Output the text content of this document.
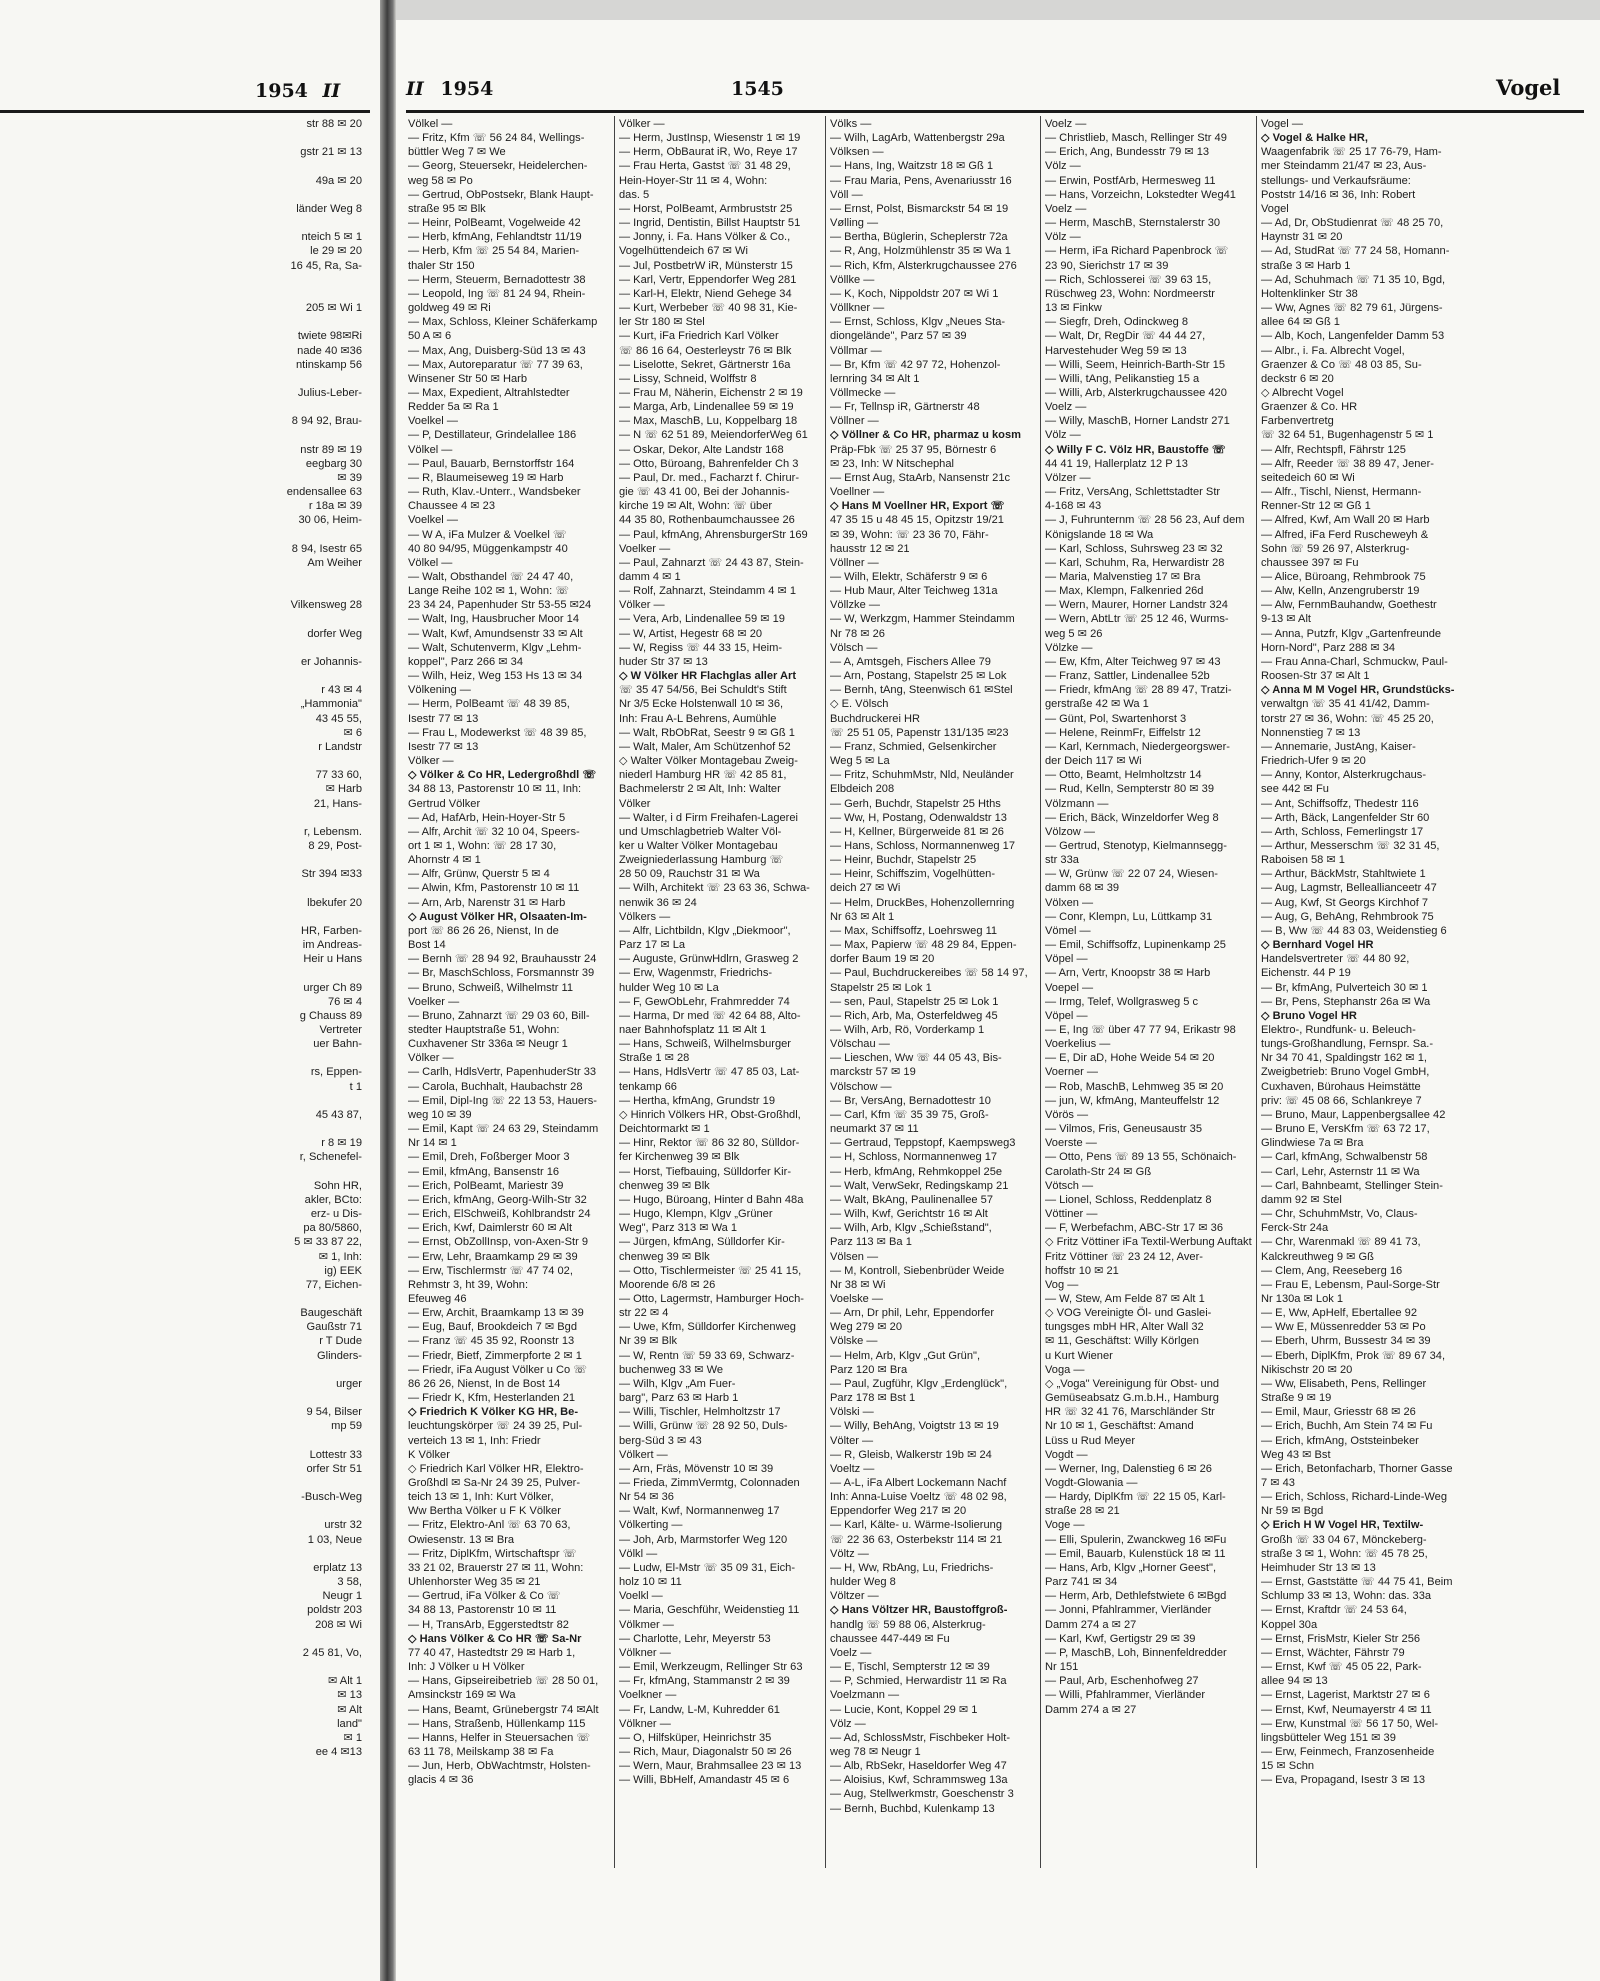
1954 II
str 88 ✉ 20

gstr 21 ✉ 13

49a ✉ 20

länder Weg 8

nteich 5 ✉ 1
le 29 ✉ 20
16 45, Ra, Sa-

205 ✉ Wi 1

twiete 98✉Ri
nade 40 ✉36
ntinskamp 56

Julius-Leber-

8 94 92, Brau-

nstr 89 ✉ 19
eegbarg 30
✉ 39
endensallee 63
r 18a ✉ 39
30 06, Heim-

8 94, Isestr 65
Am Weiher

Vilkensweg 28

dorfer Weg

er Johannis-

r 43 ✉ 4
„Hammonia"
43 45 55,
✉ 6
r Landstr

77 33 60,
✉ Harb
21, Hans-

r, Lebensm.
8 29, Post-

Str 394 ✉33

lbekufer 20

HR, Farben-
im Andreas-
Heir u Hans

urger Ch 89
76 ✉ 4
g Chauss 89
Vertreter
uer Bahn-

rs, Eppen-
t 1

45 43 87,

r 8 ✉ 19
r, Schenefel-

Sohn HR,
akler, BCto:
erz- u Dis-
pa 80/5860,
5 ✉ 33 87 22,
✉ 1, Inh:
ig) EEK
77, Eichen-

Baugeschäft
Gaußstr 71
r T Dude
Glinders-

urger

9 54, Bilser
mp 59

Lottestr 33
orfer Str 51

-Busch-Weg

urstr 32
1 03, Neue

erplatz 13
3 58,
Neugr 1
poldstr 203
208 ✉ Wi

2 45 81, Vo,

✉ Alt 1
✉ 13
✉ Alt
land"
✉ 1
ee 4 ✉13
II 1954	1545	Vogel
Völkel —
— Fritz, Kfm ☏ 56 24 84, Wellings-
büttler Weg 7 ✉ We
— Georg, Steuersekr, Heidelerchen-
weg 58 ✉ Po
— Gertrud, ObPostsekr, Blank Haupt-
straße 95 ✉ Blk
— Heinr, PolBeamt, Vogelweide 42
— Herb, kfmAng, Fehlandtstr 11/19
— Herb, Kfm ☏ 25 54 84, Marien-
thaler Str 150
— Herm, Steuerm, Bernadottestr 38
— Leopold, Ing ☏ 81 24 94, Rhein-
goldweg 49 ✉ Ri
— Max, Schloss, Kleiner Schäferkamp
50 A ✉ 6
— Max, Ang, Duisberg-Süd 13 ✉ 43
— Max, Autoreparatur ☏ 77 39 63,
Winsener Str 50 ✉ Harb
— Max, Expedient, Altrahlstedter
Redder 5a ✉ Ra 1
Voelkel —
— P, Destillateur, Grindelallee 186
Völkel —
— Paul, Bauarb, Bernstorffstr 164
— R, Blaumeiseweg 19 ✉ Harb
— Ruth, Klav.-Unterr., Wandsbeker
Chaussee 4 ✉ 23
Voelkel —
— W A, iFa Mulzer & Voelkel ☏
40 80 94/95, Müggenkampstr 40
Völkel —
— Walt, Obsthandel ☏ 24 47 40,
Lange Reihe 102 ✉ 1, Wohn: ☏
23 34 24, Papenhuder Str 53-55 ✉24
— Walt, Ing, Hausbrucher Moor 14
— Walt, Kwf, Amundsenstr 33 ✉ Alt
— Walt, Schutenverm, Klgv „Lehm-
koppel", Parz 266 ✉ 34
— Wilh, Heiz, Weg 153 Hs 13 ✉ 34
Völkening —
— Herm, PolBeamt ☏ 48 39 85,
Isestr 77 ✉ 13
— Frau L, Modewerkst ☏ 48 39 85,
Isestr 77 ✉ 13
Völker —
◇ Völker & Co HR, Ledergroßhdl ☏
34 88 13, Pastorenstr 10 ✉ 11, Inh:
Gertrud Völker
— Ad, HafArb, Hein-Hoyer-Str 5
— Alfr, Archit ☏ 32 10 04, Speers-
ort 1 ✉ 1, Wohn: ☏ 28 17 30,
Ahornstr 4 ✉ 1
— Alfr, Grünw, Querstr 5 ✉ 4
— Alwin, Kfm, Pastorenstr 10 ✉ 11
— Arn, Arb, Narenstr 31 ✉ Harb
◇ August Völker HR, Olsaaten-Im-
port ☏ 86 26 26, Nienst, In de
Bost 14
— Bernh ☏ 28 94 92, Brauhausstr 24
— Br, MaschSchloss, Forsmannstr 39
— Bruno, Schweiß, Wilhelmstr 11
Voelker —
— Bruno, Zahnarzt ☏ 29 03 60, Bill-
stedter Hauptstraße 51, Wohn:
Cuxhavener Str 336a ✉ Neugr 1
Völker —
— Carlh, HdlsVertr, PapenhuderStr 33
— Carola, Buchhalt, Haubachstr 28
— Emil, Dipl-Ing ☏ 22 13 53, Hauers-
weg 10 ✉ 39
— Emil, Kapt ☏ 24 63 29, Steindamm
Nr 14 ✉ 1
— Emil, Dreh, Foßberger Moor 3
— Emil, kfmAng, Bansenstr 16
— Erich, PolBeamt, Mariestr 39
— Erich, kfmAng, Georg-Wilh-Str 32
— Erich, ElSchweiß, Kohlbrandstr 24
— Erich, Kwf, Daimlerstr 60 ✉ Alt
— Ernst, ObZollInsp, von-Axen-Str 9
— Erw, Lehr, Braamkamp 29 ✉ 39
— Erw, Tischlermstr ☏ 47 74 02,
Rehmstr 3, ht 39, Wohn:
Efeuweg 46
— Erw, Archit, Braamkamp 13 ✉ 39
— Eug, Bauf, Brookdeich 7 ✉ Bgd
— Franz ☏ 45 35 92, Roonstr 13
— Friedr, Bietf, Zimmerpforte 2 ✉ 1
— Friedr, iFa August Völker u Co ☏
86 26 26, Nienst, In de Bost 14
— Friedr K, Kfm, Hesterlanden 21
◇ Friedrich K Völker KG HR, Be-
leuchtungskörper ☏ 24 39 25, Pul-
verteich 13 ✉ 1, Inh: Friedr
K Völker
◇ Friedrich Karl Völker HR, Elektro-
Großhdl ✉ Sa-Nr 24 39 25, Pulver-
teich 13 ✉ 1, Inh: Kurt Völker,
Ww Bertha Völker u F K Völker
— Fritz, Elektro-Anl ☏ 63 70 63,
Owiesenstr. 13 ✉ Bra
— Fritz, DiplKfm, Wirtschaftspr ☏
33 21 02, Brauerstr 27 ✉ 11, Wohn:
Uhlenhorster Weg 35 ✉ 21
— Gertrud, iFa Völker & Co ☏
34 88 13, Pastorenstr 10 ✉ 11
— H, TransArb, Eggerstedtstr 82
◇ Hans Völker & Co HR ☏ Sa-Nr
77 40 47, Hastedtstr 29 ✉ Harb 1,
Inh: J Völker u H Völker
— Hans, Gipseireibetrieb ☏ 28 50 01,
Amsinckstr 169 ✉ Wa
— Hans, Beamt, Grünebergstr 74 ✉Alt
— Hans, Straßenb, Hüllenkamp 115
— Hanns, Helfer in Steuersachen ☏
63 11 78, Meilskamp 38 ✉ Fa
— Jun, Herb, ObWachtmstr, Holsten-
glacis 4 ✉ 36
Völker —
— Herm, JustInsp, Wiesenstr 1 ✉ 19
— Herm, ObBaurat iR, Wo, Reye 17
— Frau Herta, Gastst ☏ 31 48 29,
Hein-Hoyer-Str 11 ✉ 4, Wohn:
das. 5
— Horst, PolBeamt, Armbruststr 25
— Ingrid, Dentistin, Billst Hauptstr 51
— Jonny, i. Fa. Hans Völker & Co.,
Vogelhüttendeich 67 ✉ Wi
— Jul, PostbetrW iR, Münsterstr 15
— Karl, Vertr, Eppendorfer Weg 281
— Karl-H, Elektr, Niend Gehege 34
— Kurt, Werbeber ☏ 40 98 31, Kie-
ler Str 180 ✉ Stel
— Kurt, iFa Friedrich Karl Völker
☏ 86 16 64, Oesterleystr 76 ✉ Blk
— Liselotte, Sekret, Gärtnerstr 16a
— Lissy, Schneid, Wolffstr 8
— Frau M, Näherin, Eichenstr 2 ✉ 19
— Marga, Arb, Lindenallee 59 ✉ 19
— Max, MaschB, Lu, Koppelbarg 18
— N ☏ 62 51 89, MeiendorferWeg 61
— Oskar, Dekor, Alte Landstr 168
— Otto, Büroang, Bahrenfelder Ch 3
— Paul, Dr. med., Facharzt f. Chirur-
gie ☏ 43 41 00, Bei der Johannis-
kirche 19 ✉ Alt, Wohn: ☏ über
44 35 80, Rothenbaumchaussee 26
— Paul, kfmAng, AhrensburgerStr 169
Voelker —
— Paul, Zahnarzt ☏ 24 43 87, Stein-
damm 4 ✉ 1
— Rolf, Zahnarzt, Steindamm 4 ✉ 1
Völker —
— Vera, Arb, Lindenallee 59 ✉ 19
— W, Artist, Hegestr 68 ✉ 20
— W, Regiss ☏ 44 33 15, Heim-
huder Str 37 ✉ 13
◇ W Völker HR Flachglas aller Art
☏ 35 47 54/56, Bei Schuldt's Stift
Nr 3/5 Ecke Holstenwall 10 ✉ 36,
Inh: Frau A-L Behrens, Aumühle
— Walt, RbObRat, Seestr 9 ✉ Gß 1
— Walt, Maler, Am Schützenhof 52
◇ Walter Völker Montagebau Zweig-
niederl Hamburg HR ☏ 42 85 81,
Bachmelerstr 2 ✉ Alt, Inh: Walter
Völker
— Walter, i d Firm Freihafen-Lagerei
und Umschlagbetrieb Walter Völ-
ker u Walter Völker Montagebau
Zweigniederlassung Hamburg ☏
28 50 09, Rauchstr 31 ✉ Wa
— Wilh, Architekt ☏ 23 63 36, Schwa-
nenwik 36 ✉ 24
Völkers —
— Alfr, Lichtbildn, Klgv „Diekmoor",
Parz 17 ✉ La
— Auguste, GrünwHdlrn, Grasweg 2
— Erw, Wagenmstr, Friedrichs-
hulder Weg 10 ✉ La
— F, GewObLehr, Frahmredder 74
— Harma, Dr med ☏ 42 64 88, Alto-
naer Bahnhofsplatz 11 ✉ Alt 1
— Hans, Schweiß, Wilhelmsburger
Straße 1 ✉ 28
— Hans, HdlsVertr ☏ 47 85 03, Lat-
tenkamp 66
— Hertha, kfmAng, Grundstr 19
◇ Hinrich Völkers HR, Obst-Großhdl,
Deichtormarkt ✉ 1
— Hinr, Rektor ☏ 86 32 80, Sülldor-
fer Kirchenweg 39 ✉ Blk
— Horst, Tiefbauing, Sülldorfer Kir-
chenweg 39 ✉ Blk
— Hugo, Büroang, Hinter d Bahn 48a
— Hugo, Klempn, Klgv „Grüner
Weg", Parz 313 ✉ Wa 1
— Jürgen, kfmAng, Sülldorfer Kir-
chenweg 39 ✉ Blk
— Otto, Tischlermeister ☏ 25 41 15,
Moorende 6/8 ✉ 26
— Otto, Lagermstr, Hamburger Hoch-
str 22 ✉ 4
— Uwe, Kfm, Sülldorfer Kirchenweg
Nr 39 ✉ Blk
— W, Rentn ☏ 59 33 69, Schwarz-
buchenweg 33 ✉ We
— Wilh, Klgv „Am Fuer-
barg", Parz 63 ✉ Harb 1
— Willi, Tischler, Helmholtzstr 17
— Willi, Grünw ☏ 28 92 50, Duls-
berg-Süd 3 ✉ 43
Völkert —
— Arn, Fräs, Mövenstr 10 ✉ 39
— Frieda, ZimmVermtg, Colonnaden
Nr 54 ✉ 36
— Walt, Kwf, Normannenweg 17
Völkerting —
— Joh, Arb, Marmstorfer Weg 120
Völkl —
— Ludw, El-Mstr ☏ 35 09 31, Eich-
holz 10 ✉ 11
Voelkl —
— Maria, Geschführ, Weidenstieg 11
Völkmer —
— Charlotte, Lehr, Meyerstr 53
Völkner —
— Emil, Werkzeugm, Rellinger Str 63
— Fr, kfmAng, Stammanstr 2 ✉ 39
Voelkner —
— Fr, Landw, L-M, Kuhredder 61
Völkner —
— O, Hilfsküper, Heinrichstr 35
— Rich, Maur, Diagonalstr 50 ✉ 26
— Wern, Maur, Brahmsallee 23 ✉ 13
— Willi, BbHelf, Amandastr 45 ✉ 6
Völks —
— Wilh, LagArb, Wattenbergstr 29a
Völksen —
— Hans, Ing, Waitzstr 18 ✉ Gß 1
— Frau Maria, Pens, Avenariusstr 16
Völl —
— Ernst, Polst, Bismarckstr 54 ✉ 19
Vølling —
— Bertha, Büglerin, Scheplerstr 72a
— R, Ang, Holzmühlenstr 35 ✉ Wa 1
— Rich, Kfm, Alsterkrugchaussee 276
Völlke —
— K, Koch, Nippoldstr 207 ✉ Wi 1
Völlkner —
— Ernst, Schloss, Klgv „Neues Sta-
diongelände", Parz 57 ✉ 39
Völlmar —
— Br, Kfm ☏ 42 97 72, Hohenzol-
lernring 34 ✉ Alt 1
Völlmecke —
— Fr, Tellnsp iR, Gärtnerstr 48
Völlner —
◇ Völlner & Co HR, pharmaz u kosm
Präp-Fbk ☏ 25 37 95, Börnestr 6
✉ 23, Inh: W Nitschephal
— Ernst Aug, StaArb, Nansenstr 21c
Voellner —
◇ Hans M Voellner HR, Export ☏
47 35 15 u 48 45 15, Opitzstr 19/21
✉ 39, Wohn: ☏ 23 36 70, Fähr-
hausstr 12 ✉ 21
Völlner —
— Wilh, Elektr, Schäferstr 9 ✉ 6
— Hub Maur, Alter Teichweg 131a
Völlzke —
— W, Werkzgm, Hammer Steindamm
Nr 78 ✉ 26
Völsch —
— A, Amtsgeh, Fischers Allee 79
— Arn, Postang, Stapelstr 25 ✉ Lok
— Bernh, tAng, Steenwisch 61 ✉Stel
◇ E. Völsch
Buchdruckerei HR
☏ 25 51 05, Papenstr 131/135 ✉23
— Franz, Schmied, Gelsenkircher
Weg 5 ✉ La
— Fritz, SchuhmMstr, Nld, Neuländer
Elbdeich 208
— Gerh, Buchdr, Stapelstr 25 Hths
— Ww, H, Postang, Odenwaldstr 13
— H, Kellner, Bürgerweide 81 ✉ 26
— Hans, Schloss, Normannenweg 17
— Heinr, Buchdr, Stapelstr 25
— Heinr, Schiffszim, Vogelhütten-
deich 27 ✉ Wi
— Helm, DruckBes, Hohenzollernring
Nr 63 ✉ Alt 1
— Max, Schiffsoffz, Loehrsweg 11
— Max, Papierw ☏ 48 29 84, Eppen-
dorfer Baum 19 ✉ 20
— Paul, Buchdruckereibes ☏ 58 14 97,
Stapelstr 25 ✉ Lok 1
— sen, Paul, Stapelstr 25 ✉ Lok 1
— Rich, Arb, Ma, Osterfeldweg 45
— Wilh, Arb, Rö, Vorderkamp 1
Völschau —
— Lieschen, Ww ☏ 44 05 43, Bis-
marckstr 57 ✉ 19
Völschow —
— Br, VersAng, Bernadottestr 10
— Carl, Kfm ☏ 35 39 75, Groß-
neumarkt 37 ✉ 11
— Gertraud, Teppstopf, Kaempsweg3
— H, Schloss, Normannenweg 17
— Herb, kfmAng, Rehmkoppel 25e
— Walt, VerwSekr, Redingskamp 21
— Walt, BkAng, Paulinenallee 57
— Wilh, Kwf, Gerichtstr 16 ✉ Alt
— Wilh, Arb, Klgv „Schießstand",
Parz 113 ✉ Ba 1
Völsen —
— M, Kontroll, Siebenbrüder Weide
Nr 38 ✉ Wi
Voelske —
— Arn, Dr phil, Lehr, Eppendorfer
Weg 279 ✉ 20
Völske —
— Helm, Arb, Klgv „Gut Grün",
Parz 120 ✉ Bra
— Paul, Zugführ, Klgv „Erdenglück",
Parz 178 ✉ Bst 1
Völski —
— Willy, BehAng, Voigtstr 13 ✉ 19
Völter —
— R, Gleisb, Walkerstr 19b ✉ 24
Voeltz —
— A-L, iFa Albert Lockemann Nachf
Inh: Anna-Luise Voeltz ☏ 48 02 98,
Eppendorfer Weg 217 ✉ 20
— Karl, Kälte- u. Wärme-Isolierung
☏ 22 36 63, Osterbekstr 114 ✉ 21
Völtz —
— H, Ww, RbAng, Lu, Friedrichs-
hulder Weg 8
Völtzer —
◇ Hans Völtzer HR, Baustoffgroß-
handlg ☏ 59 88 06, Alsterkrug-
chaussee 447-449 ✉ Fu
Voelz —
— E, Tischl, Sempterstr 12 ✉ 39
— P, Schmied, Herwardistr 11 ✉ Ra
Voelzmann —
— Lucie, Kont, Koppel 29 ✉ 1
Völz —
— Ad, SchlossMstr, Fischbeker Holt-
weg 78 ✉ Neugr 1
— Alb, RbSekr, Haseldorfer Weg 47
— Aloisius, Kwf, Schrammsweg 13a
— Aug, Stellwerkmstr, Goeschenstr 3
— Bernh, Buchbd, Kulenkamp 13
Voelz —
— Christlieb, Masch, Rellinger Str 49
— Erich, Ang, Bundesstr 79 ✉ 13
Völz —
— Erwin, PostfArb, Hermesweg 11
— Hans, Vorzeichn, Lokstedter Weg41
Voelz —
— Herm, MaschB, Sternstalerstr 30
Völz —
— Herm, iFa Richard Papenbrock ☏
23 90, Sierichstr 17 ✉ 39
— Rich, Schlosserei ☏ 39 63 15,
Rüschweg 23, Wohn: Nordmeerstr
13 ✉ Finkw
— Siegfr, Dreh, Odinckweg 8
— Walt, Dr, RegDir ☏ 44 44 27,
Harvestehuder Weg 59 ✉ 13
— Willi, Seem, Heinrich-Barth-Str 15
— Willi, tAng, Pelikanstieg 15 a
— Willi, Arb, Alsterkrugchaussee 420
Voelz —
— Willy, MaschB, Horner Landstr 271
Völz —
◇ Willy F C. Völz HR, Baustoffe ☏
44 41 19, Hallerplatz 12 P 13
Völzer —
— Fritz, VersAng, Schlettstadter Str
4-168 ✉ 43
— J, Fuhrunternm ☏ 28 56 23, Auf dem
Königslande 18 ✉ Wa
— Karl, Schloss, Suhrsweg 23 ✉ 32
— Karl, Schuhm, Ra, Herwardistr 28
— Maria, Malvenstieg 17 ✉ Bra
— Max, Klempn, Falkenried 26d
— Wern, Maurer, Horner Landstr 324
— Wern, AbtLtr ☏ 25 12 46, Wurms-
weg 5 ✉ 26
Völzke —
— Ew, Kfm, Alter Teichweg 97 ✉ 43
— Franz, Sattler, Lindenallee 52b
— Friedr, kfmAng ☏ 28 89 47, Tratzi-
gerstraße 42 ✉ Wa 1
— Günt, Pol, Swartenhorst 3
— Helene, ReinmFr, Eiffelstr 12
— Karl, Kernmach, Niedergeorgswer-
der Deich 117 ✉ Wi
— Otto, Beamt, Helmholtzstr 14
— Rud, Kelln, Sempterstr 80 ✉ 39
Völzmann —
— Erich, Bäck, Winzeldorfer Weg 8
Völzow —
— Gertrud, Stenotyp, Kielmannsegg-
str 33a
— W, Grünw ☏ 22 07 24, Wiesen-
damm 68 ✉ 39
Völxen —
— Conr, Klempn, Lu, Lüttkamp 31
Vömel —
— Emil, Schiffsoffz, Lupinenkamp 25
Vöpel —
— Arn, Vertr, Knoopstr 38 ✉ Harb
Voepel —
— Irmg, Telef, Wollgrasweg 5 c
Vöpel —
— E, Ing ☏ über 47 77 94, Erikastr 98
Voerkelius —
— E, Dir aD, Hohe Weide 54 ✉ 20
Voerner —
— Rob, MaschB, Lehmweg 35 ✉ 20
— jun, W, kfmAng, Manteuffelstr 12
Vörös —
— Vilmos, Fris, Geneusaustr 35
Voerste —
— Otto, Pens ☏ 89 13 55, Schönaich-
Carolath-Str 24 ✉ Gß
Vötsch —
— Lionel, Schloss, Reddenplatz 8
Vöttiner —
— F, Werbefachm, ABC-Str 17 ✉ 36
◇ Fritz Vöttiner iFa Textil-Werbung Auftakt
Fritz Vöttiner ☏ 23 24 12, Aver-
hoffstr 10 ✉ 21
Vog —
— W, Stew, Am Felde 87 ✉ Alt 1
◇ VOG Vereinigte Öl- und Gaslei-
tungsges mbH HR, Alter Wall 32
✉ 11, Geschäftst: Willy Körlgen
u Kurt Wiener
Voga —
◇ „Voga" Vereinigung für Obst- und
Gemüseabsatz G.m.b.H., Hamburg
HR ☏ 32 41 76, Marschländer Str
Nr 10 ✉ 1, Geschäftst: Amand
Lüss u Rud Meyer
Vogdt —
— Werner, Ing, Dalenstieg 6 ✉ 26
Vogdt-Glowania —
— Hardy, DiplKfm ☏ 22 15 05, Karl-
straße 28 ✉ 21
Voge —
— Elli, Spulerin, Zwanckweg 16 ✉Fu
— Emil, Bauarb, Kulenstück 18 ✉ 11
— Hans, Arb, Klgv „Horner Geest",
Parz 741 ✉ 34
— Herm, Arb, Dethlefstwiete 6 ✉Bgd
— Jonni, Pfahlrammer, Vierländer
Damm 274 a ✉ 27
— Karl, Kwf, Gertigstr 29 ✉ 39
— P, MaschB, Loh, Binnenfeldredder
Nr 151
— Paul, Arb, Eschenhofweg 27
— Willi, Pfahlrammer, Vierländer
Damm 274 a ✉ 27
Vogel —
◇ Vogel & Halke HR,
Waagenfabrik ☏ 25 17 76-79, Ham-
mer Steindamm 21/47 ✉ 23, Aus-
stellungs- und Verkaufsräume:
Poststr 14/16 ✉ 36, Inh: Robert
Vogel
— Ad, Dr, ObStudienrat ☏ 48 25 70,
Haynstr 31 ✉ 20
— Ad, StudRat ☏ 77 24 58, Homann-
straße 3 ✉ Harb 1
— Ad, Schuhmach ☏ 71 35 10, Bgd,
Holtenklinker Str 38
— Ww, Agnes ☏ 82 79 61, Jürgens-
allee 64 ✉ Gß 1
— Alb, Koch, Langenfelder Damm 53
— Albr., i. Fa. Albrecht Vogel,
Graenzer & Co ☏ 48 03 85, Su-
deckstr 6 ✉ 20
◇ Albrecht Vogel
Graenzer & Co. HR
Farbenvertretg
☏ 32 64 51, Bugenhagenstr 5 ✉ 1
— Alfr, Rechtspfl, Fährstr 125
— Alfr, Reeder ☏ 38 89 47, Jener-
seitedeich 60 ✉ Wi
— Alfr., Tischl, Nienst, Hermann-
Renner-Str 12 ✉ Gß 1
— Alfred, Kwf, Am Wall 20 ✉ Harb
— Alfred, iFa Ferd Ruscheweyh &
Sohn ☏ 59 26 97, Alsterkrug-
chaussee 397 ✉ Fu
— Alice, Büroang, Rehmbrook 75
— Alw, Kelln, Anzengruberstr 19
— Alw, FernmBauhandw, Goethestr
9-13 ✉ Alt
— Anna, Putzfr, Klgv „Gartenfreunde
Horn-Nord", Parz 288 ✉ 34
— Frau Anna-Charl, Schmuckw, Paul-
Roosen-Str 37 ✉ Alt 1
◇ Anna M M Vogel HR, Grundstücks-
verwaltgn ☏ 35 41 41/42, Damm-
torstr 27 ✉ 36, Wohn: ☏ 45 25 20,
Nonnenstieg 7 ✉ 13
— Annemarie, JustAng, Kaiser-
Friedrich-Ufer 9 ✉ 20
— Anny, Kontor, Alsterkrugchaus-
see 442 ✉ Fu
— Ant, Schiffsoffz, Thedestr 116
— Arth, Bäck, Langenfelder Str 60
— Arth, Schloss, Femerlingstr 17
— Arthur, Messerschm ☏ 32 31 45,
Raboisen 58 ✉ 1
— Arthur, BäckMstr, Stahltwiete 1
— Aug, Lagmstr, Belleallianceetr 47
— Aug, Kwf, St Georgs Kirchhof 7
— Aug, G, BehAng, Rehmbrook 75
— B, Ww ☏ 44 83 03, Weidenstieg 6
◇ Bernhard Vogel HR
Handelsvertreter ☏ 44 80 92,
Eichenstr. 44 P 19
— Br, kfmAng, Pulverteich 30 ✉ 1
— Br, Pens, Stephanstr 26a ✉ Wa
◇ Bruno Vogel HR
Elektro-, Rundfunk- u. Beleuch-
tungs-Großhandlung, Fernspr. Sa.-
Nr 34 70 41, Spaldingstr 162 ✉ 1,
Zweigbetrieb: Bruno Vogel GmbH,
Cuxhaven, Bürohaus Heimstätte
priv: ☏ 45 08 66, Schlankreye 7
— Bruno, Maur, Lappenbergsallee 42
— Bruno E, VersKfm ☏ 63 72 17,
Glindwiese 7a ✉ Bra
— Carl, kfmAng, Schwalbenstr 58
— Carl, Lehr, Asternstr 11 ✉ Wa
— Carl, Bahnbeamt, Stellinger Stein-
damm 92 ✉ Stel
— Chr, SchuhmMstr, Vo, Claus-
Ferck-Str 24a
— Chr, Warenmakl ☏ 89 41 73,
Kalckreuthweg 9 ✉ Gß
— Clem, Ang, Reeseberg 16
— Frau E, Lebensm, Paul-Sorge-Str
Nr 130a ✉ Lok 1
— E, Ww, ApHelf, Ebertallee 92
— Ww E, Müssenredder 53 ✉ Po
— Eberh, Uhrm, Bussestr 34 ✉ 39
— Eberh, DiplKfm, Prok ☏ 89 67 34,
Nikischstr 20 ✉ 20
— Ww, Elisabeth, Pens, Rellinger
Straße 9 ✉ 19
— Emil, Maur, Griesstr 68 ✉ 26
— Erich, Buchh, Am Stein 74 ✉ Fu
— Erich, kfmAng, Oststeinbeker
Weg 43 ✉ Bst
— Erich, Betonfacharb, Thorner Gasse
7 ✉ 43
— Erich, Schloss, Richard-Linde-Weg
Nr 59 ✉ Bgd
◇ Erich H W Vogel HR, Textilw-
Großh ☏ 33 04 67, Mönckeberg-
straße 3 ✉ 1, Wohn: ☏ 45 78 25,
Heimhuder Str 13 ✉ 13
— Ernst, Gaststätte ☏ 44 75 41, Beim
Schlump 33 ✉ 13, Wohn: das. 33a
— Ernst, Kraftdr ☏ 24 53 64,
Koppel 30a
— Ernst, FrisMstr, Kieler Str 256
— Ernst, Wächter, Fährstr 79
— Ernst, Kwf ☏ 45 05 22, Park-
allee 94 ✉ 13
— Ernst, Lagerist, Marktstr 27 ✉ 6
— Ernst, Kwf, Neumayerstr 4 ✉ 11
— Erw, Kunstmal ☏ 56 17 50, Wel-
lingsbütteler Weg 151 ✉ 39
— Erw, Feinmech, Franzosenheide
15 ✉ Schn
— Eva, Propagand, Isestr 3 ✉ 13
